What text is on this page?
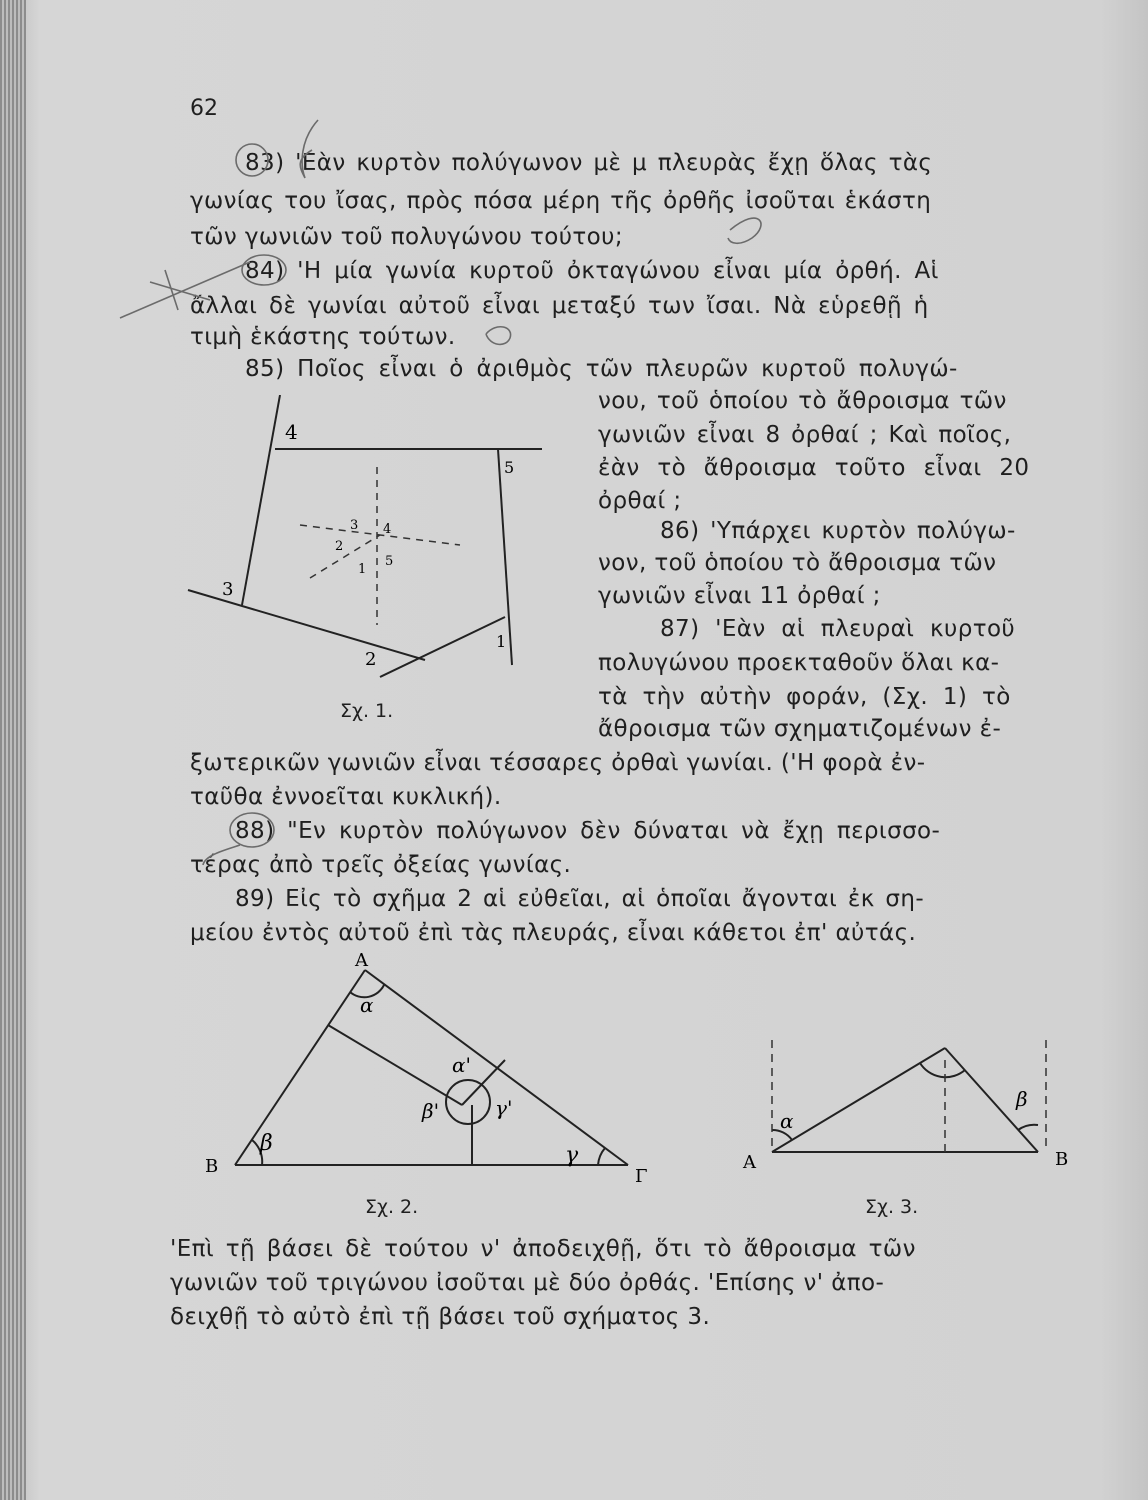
62
83) 'Εὰν κυρτὸν πολύγωνον μὲ μ πλευρὰς ἔχῃ ὅλας τὰς
γωνίας του ἴσας, πρὸς πόσα μέρη τῆς ὀρθῆς ἰσοῦται ἑκάστη
τῶν γωνιῶν τοῦ πολυγώνου τούτου;
84) 'Η μία γωνία κυρτοῦ ὀκταγώνου εἶναι μία ὀρθή. Αἱ
ἄλλαι δὲ γωνίαι αὐτοῦ εἶναι μεταξύ των ἴσαι. Νὰ εὑρεθῇ ἡ
τιμὴ ἑκάστης τούτων.
85) Ποῖος εἶναι ὁ ἀριθμὸς τῶν πλευρῶν κυρτοῦ πολυγώ-
νου, τοῦ ὁποίου τὸ ἄθροισμα τῶν
γωνιῶν εἶναι 8 ὀρθαί ; Καὶ ποῖος,
ἐὰν τὸ ἄθροισμα τοῦτο εἶναι 20
ὀρθαί ;
86) 'Υπάρχει κυρτὸν πολύγω-
νον, τοῦ ὁποίου τὸ ἄθροισμα τῶν
γωνιῶν εἶναι 11 ὀρθαί ;
87) 'Εὰν αἱ πλευραὶ κυρτοῦ
πολυγώνου προεκταθοῦν ὅλαι κα-
τὰ τὴν αὐτὴν φοράν, (Σχ. 1) τὸ
ἄθροισμα τῶν σχηματιζομένων ἐ-
ξωτερικῶν γωνιῶν εἶναι τέσσαρες ὀρθαὶ γωνίαι. ('Η φορὰ ἐν-
ταῦθα ἐννοεῖται κυκλική).
88) "Εν κυρτὸν πολύγωνον δὲν δύναται νὰ ἔχῃ περισσο-
τέρας ἀπὸ τρεῖς ὀξείας γωνίας.
89) Εἰς τὸ σχῆμα 2 αἱ εὐθεῖαι, αἱ ὁποῖαι ἄγονται ἐκ ση-
μείου ἐντὸς αὐτοῦ ἐπὶ τὰς πλευράς, εἶναι κάθετοι ἐπ' αὐτάς.
'Επὶ τῇ βάσει δὲ τούτου ν' ἀποδειχθῇ, ὅτι τὸ ἄθροισμα τῶν
γωνιῶν τοῦ τριγώνου ἰσοῦται μὲ δύο ὀρθάς. 'Επίσης ν' ἀπο-
δειχθῇ τὸ αὐτὸ ἐπὶ τῇ βάσει τοῦ σχήματος 3.
4
5
3
2
1
3 4
2
5
1
Σχ. 1.
A
B	Γ
α
β	γ
α'
β'	γ'
Σχ. 2.
A	B
α
β
Σχ. 3.
